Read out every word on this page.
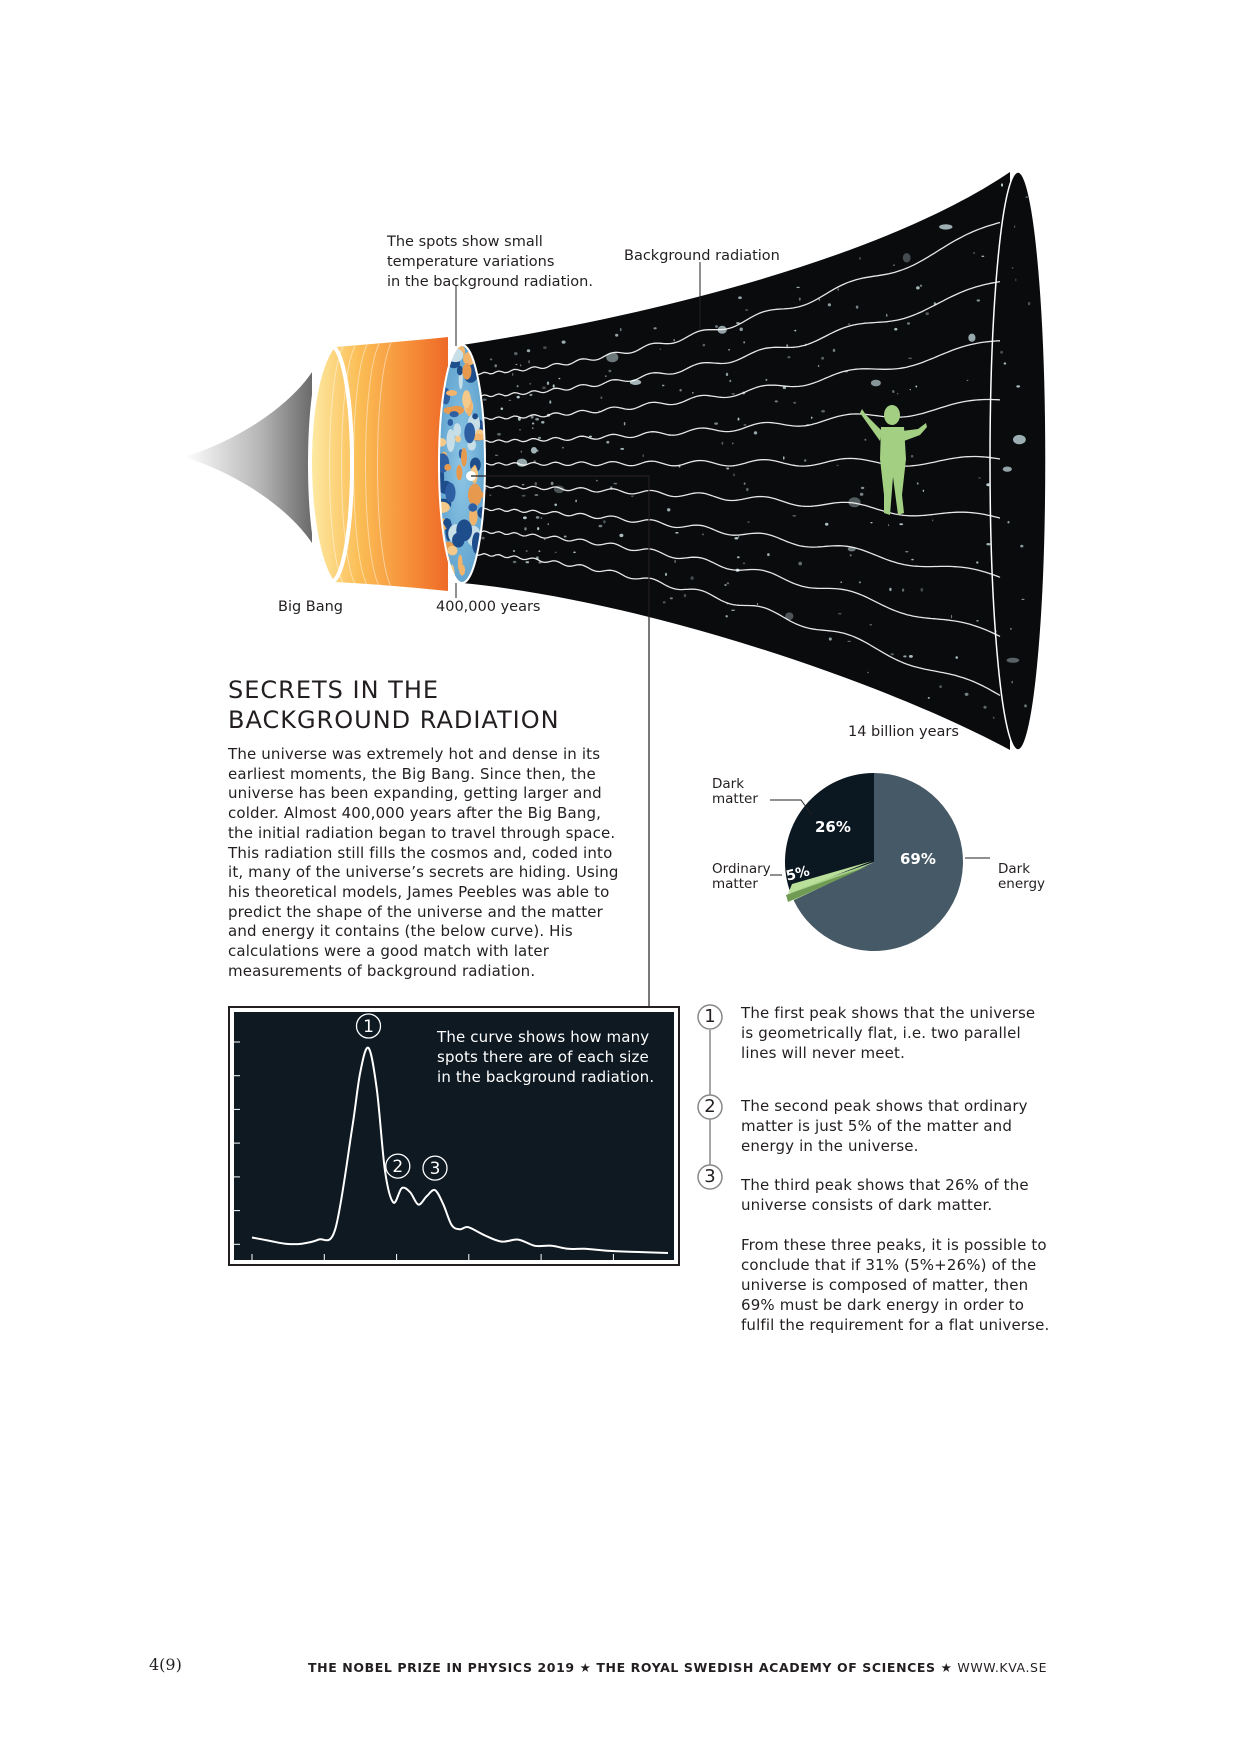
The spots show small
temperature variations
in the background radiation.
Background radiation
Big Bang	400,000 years
14 billion years
SECRETS IN THE
BACKGROUND RADIATION
The universe was extremely hot and dense in its earliest moments, the Big Bang. Since then, the universe has been expanding, getting larger and colder. Almost 400,000 years after the Big Bang, the initial radiation began to travel through space. This radiation still fills the cosmos and, coded into it, many of the universe’s secrets are hiding. Using his theoretical models, James Peebles was able to predict the shape of the universe and the matter and energy it contains (the below curve). His calculations were a good match with later measurements of background radiation.
26%
69%
5%
Dark
matter
Ordinary
matter
Dark
energy
1
2 3
The curve shows how many spots there are of each size in the background radiation.
1
2
3
The first peak shows that the universe is geometrically flat, i.e. two parallel lines will never meet.
The second peak shows that ordinary matter is just 5% of the matter and energy in the universe.
The third peak shows that 26% of the universe consists of dark matter.
From these three peaks, it is possible to conclude that if 31% (5%+26%) of the universe is composed of matter, then 69% must be dark energy in order to fulfil the requirement for a flat universe.
4(9)	THE NOBEL PRIZE IN PHYSICS 2019 ★ THE ROYAL SWEDISH ACADEMY OF SCIENCES ★ WWW.KVA.SE
